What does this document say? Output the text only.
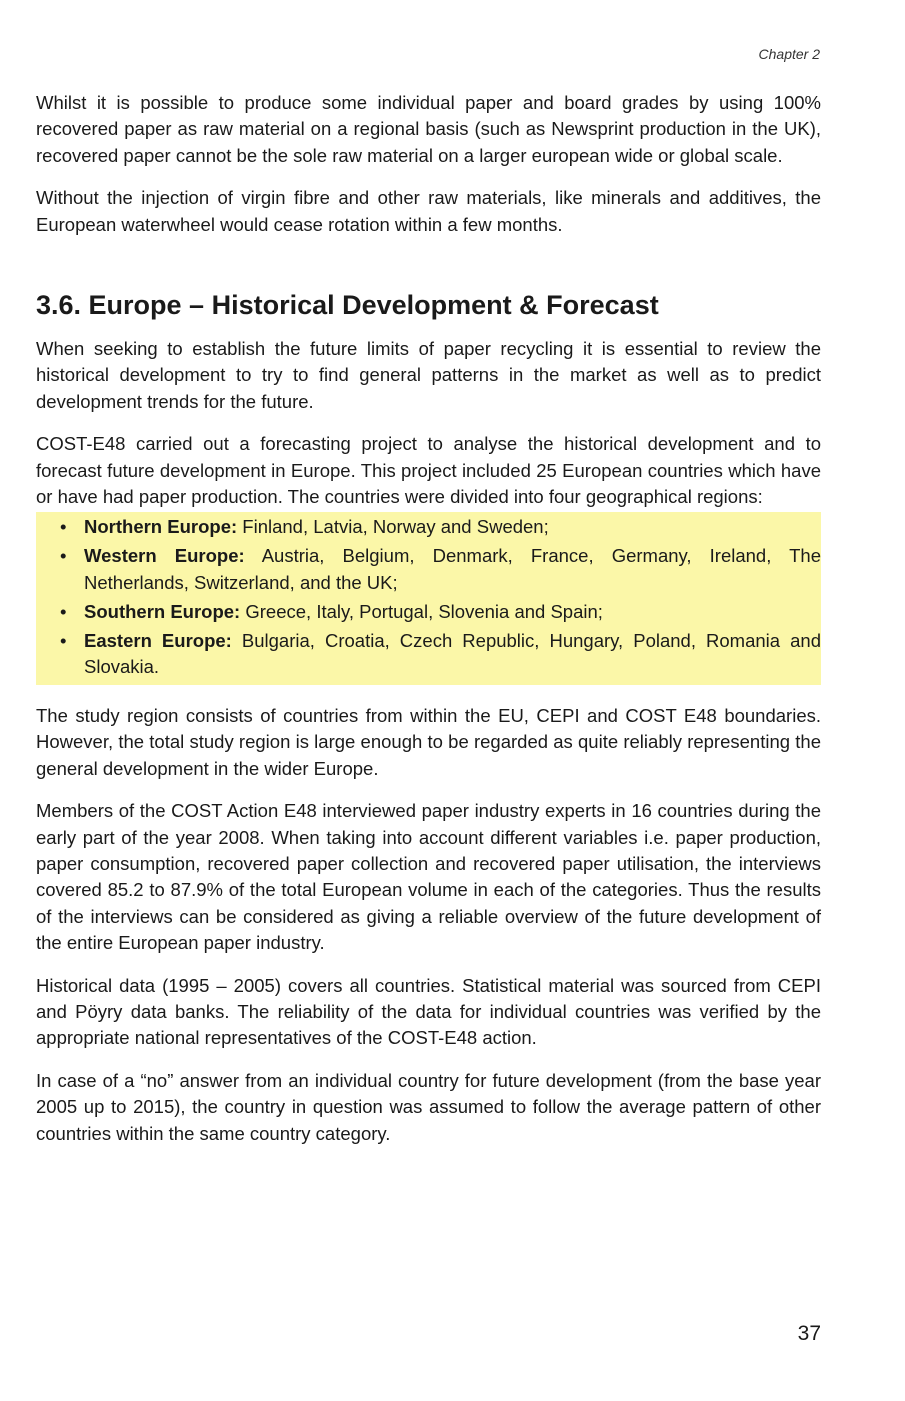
Chapter 2

Whilst it is possible to produce some individual paper and board grades by using 100% recovered paper as raw material on a regional basis (such as Newsprint production in the UK), recovered paper cannot be the sole raw material on a larger european wide or global scale.

Without the injection of virgin fibre and other raw materials, like minerals and additives, the European waterwheel would cease rotation within a few months.

3.6. Europe – Historical Development & Forecast

When seeking to establish the future limits of paper recycling it is essential to review the historical development to try to find general patterns in the market as well as to predict development trends for the future.

COST-E48 carried out a forecasting project to analyse the historical development and to forecast future development in Europe. This project included 25 European countries which have or have had paper production. The countries were divided into four geographical regions:

• Northern Europe: Finland, Latvia, Norway and Sweden;
• Western Europe: Austria, Belgium, Denmark, France, Germany, Ireland, The Netherlands, Switzerland, and the UK;
• Southern Europe: Greece, Italy, Portugal, Slovenia and Spain;
• Eastern Europe: Bulgaria, Croatia, Czech Republic, Hungary, Poland, Romania and Slovakia.

The study region consists of countries from within the EU, CEPI and COST E48 boundaries. However, the total study region is large enough to be regarded as quite reliably representing the general development in the wider Europe.

Members of the COST Action E48 interviewed paper industry experts in 16 countries during the early part of the year 2008. When taking into account different variables i.e. paper production, paper consumption, recovered paper collection and recovered paper utilisation, the interviews covered 85.2 to 87.9% of the total European volume in each of the categories. Thus the results of the interviews can be considered as giving a reliable overview of the future development of the entire European paper industry.

Historical data (1995 – 2005) covers all countries. Statistical material was sourced from CEPI and Pöyry data banks. The reliability of the data for individual countries was verified by the appropriate national representatives of the COST-E48 action.

In case of a “no” answer from an individual country for future development (from the base year 2005 up to 2015), the country in question was assumed to follow the average pattern of other countries within the same country category.

37
